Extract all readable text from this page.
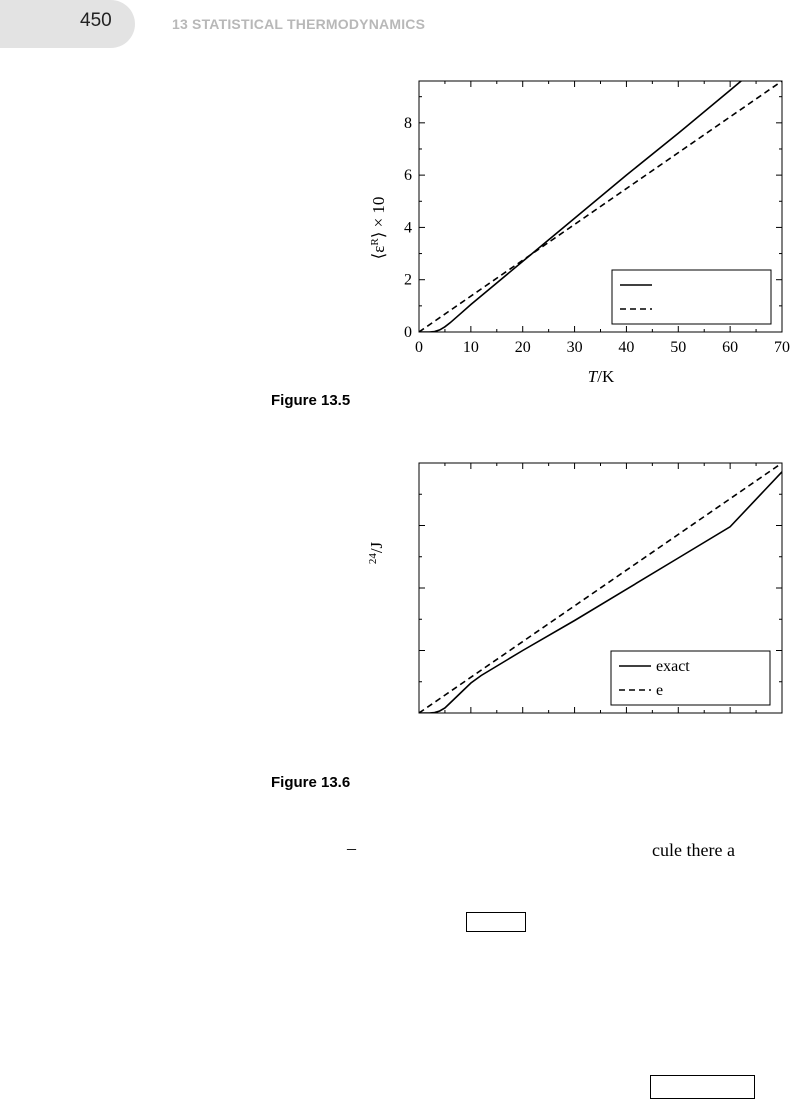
450	13 STATISTICAL THERMODYNAMICS
$⟨\varepsilon^R⟩ \times 10$
T/K
0 10 20 30 40 50 60 70
0
2
4
6
8
$^{24}$/J
exact
e
Figure 13.5
Figure 13.6
–	cule there a
